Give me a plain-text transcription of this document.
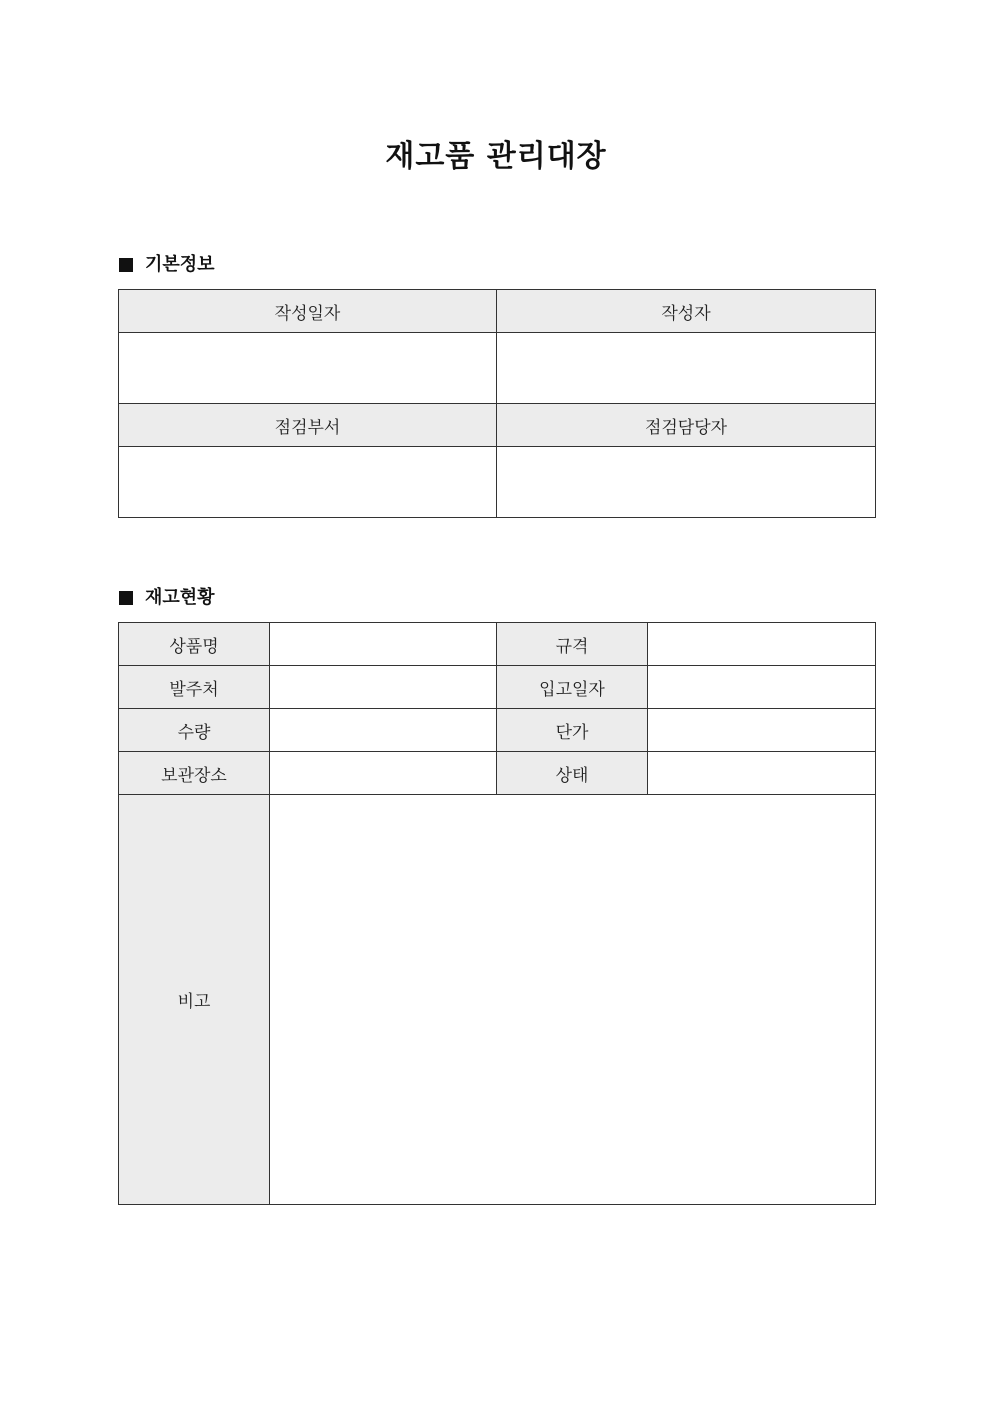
재고품 관리대장
기본정보
작성일자	작성자

점검부서	점검담당자

재고현황
상품명		규격	
발주처		입고일자	
수량		단가	
보관장소		상태	
비고			
